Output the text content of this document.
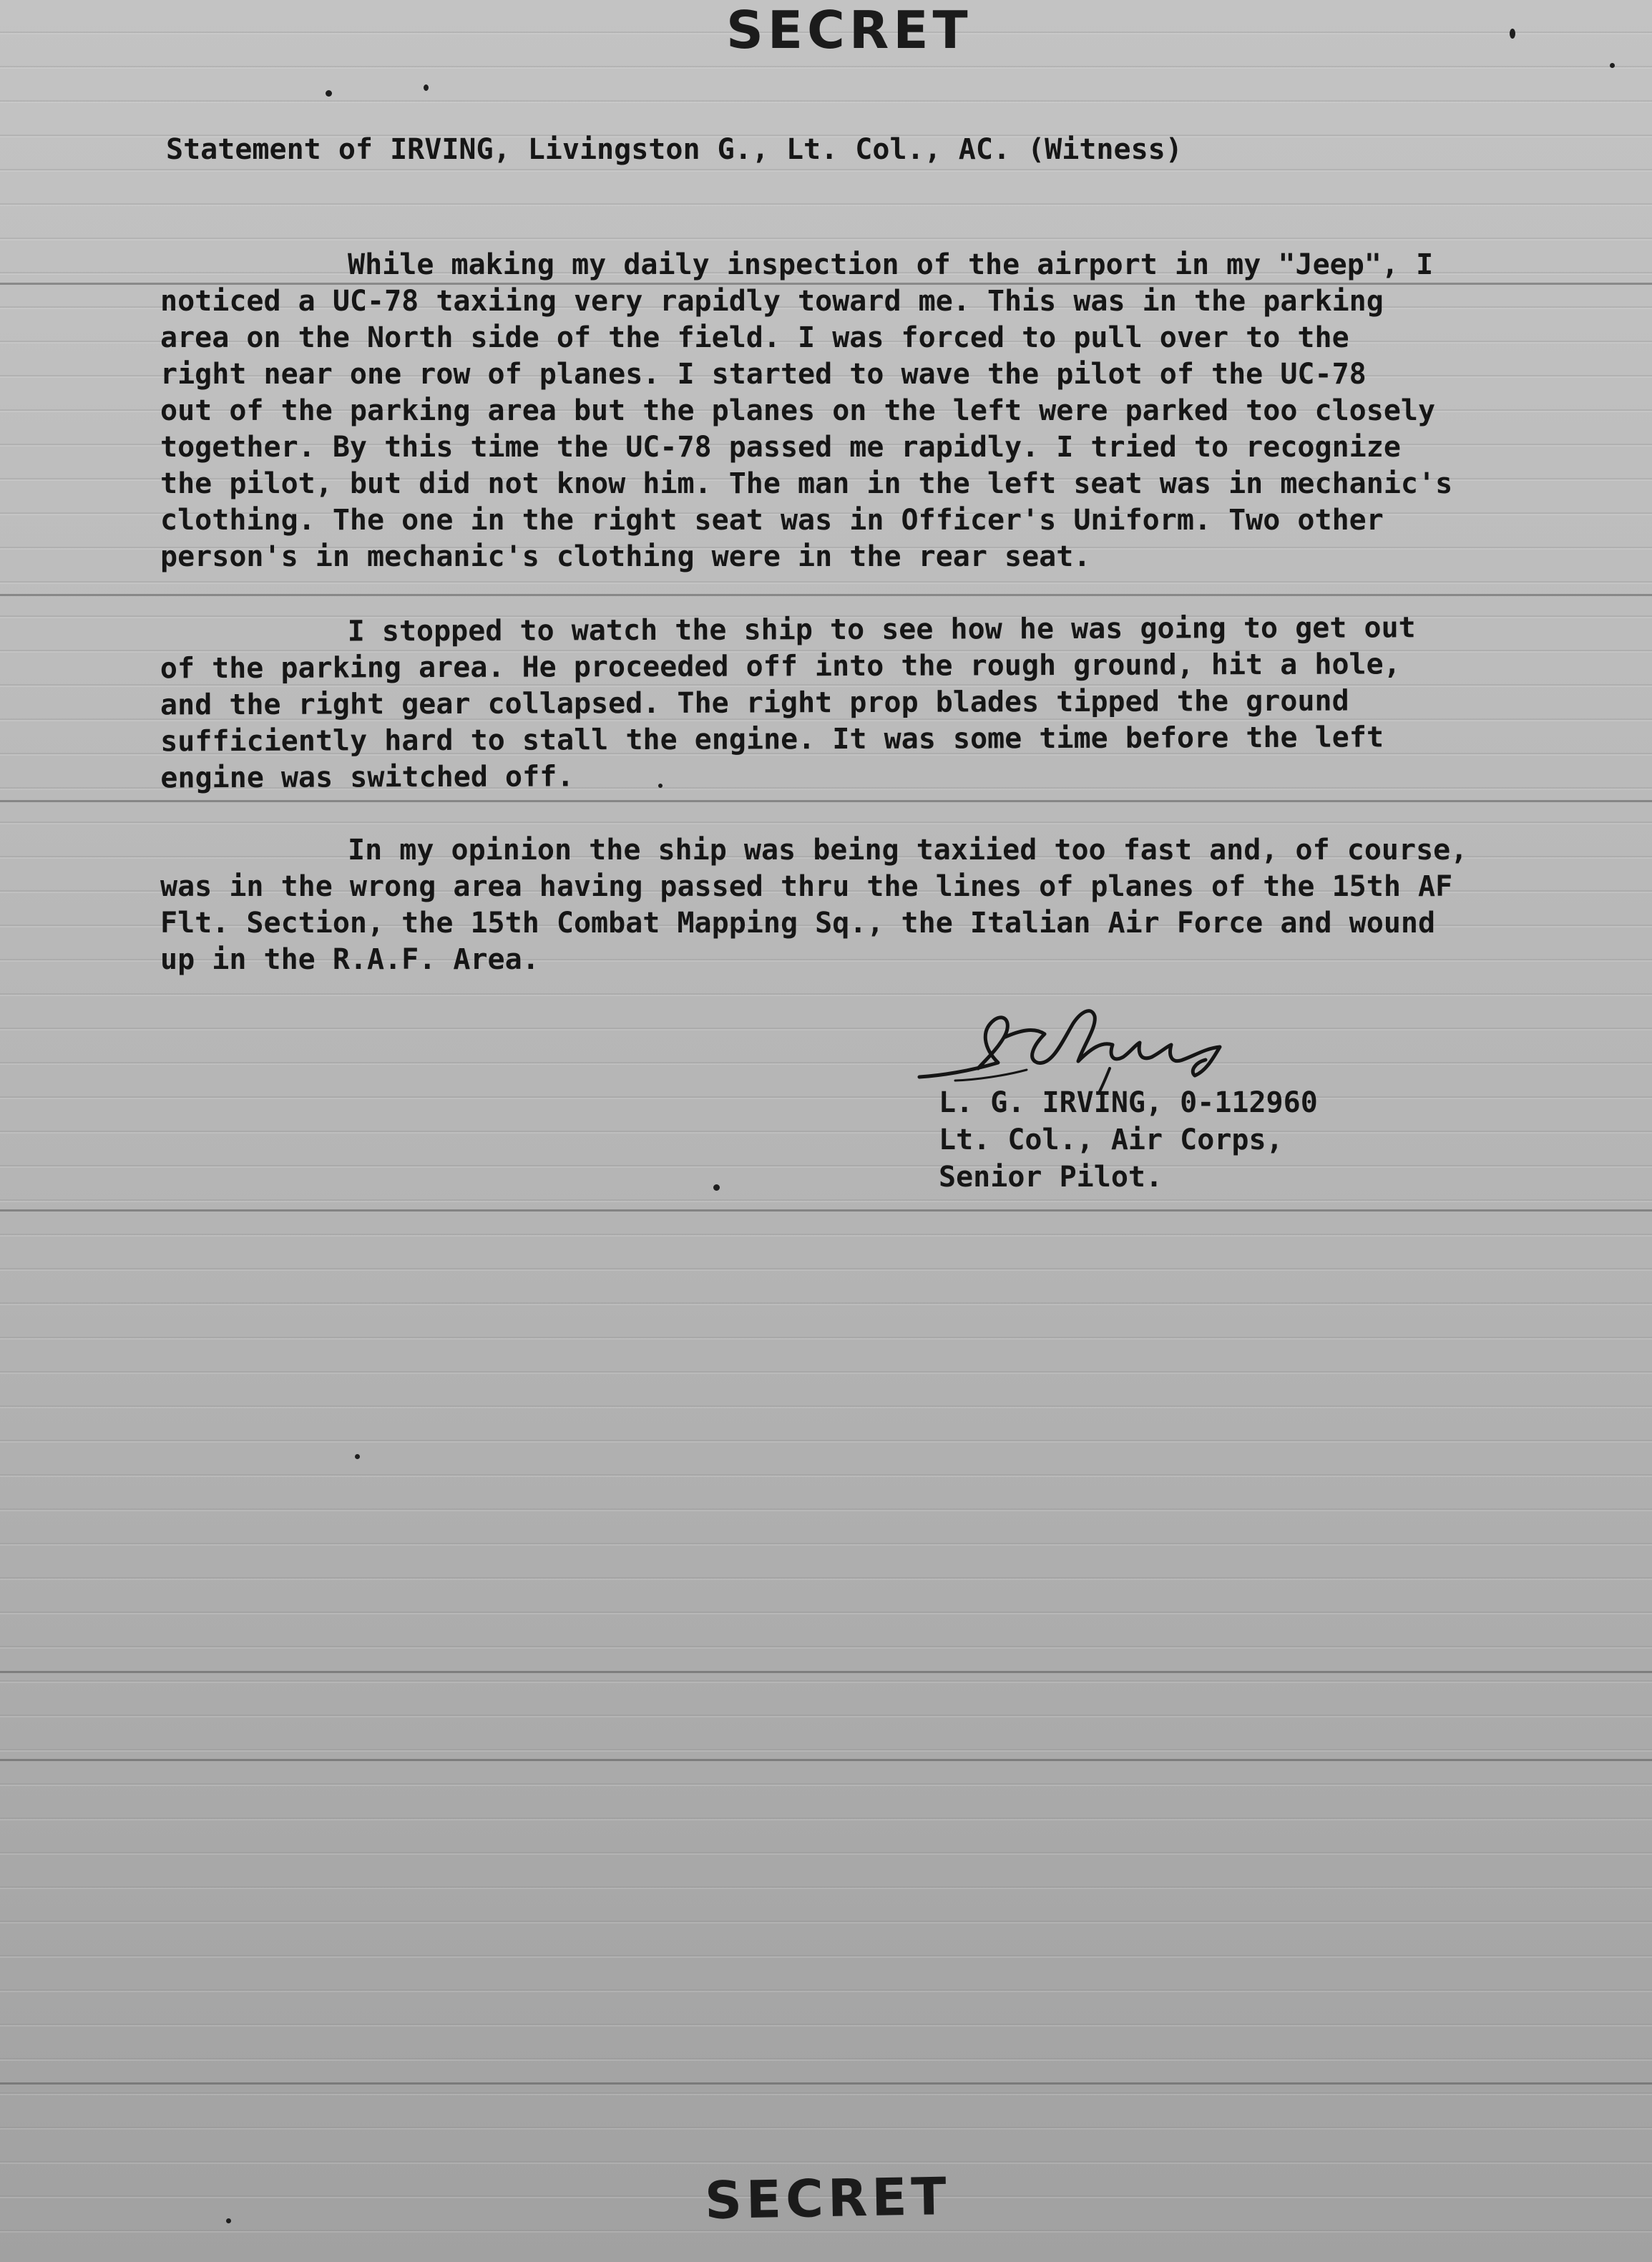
SECRET
Statement of IRVING, Livingston G., Lt. Col., AC. (Witness)
While making my daily inspection of the airport in my "Jeep", I
noticed a UC-78 taxiing very rapidly toward me. This was in the parking
area on the North side of the field. I was forced to pull over to the
right near one row of planes. I started to wave the pilot of the UC-78
out of the parking area but the planes on the left were parked too closely
together. By this time the UC-78 passed me rapidly. I tried to recognize
the pilot, but did not know him. The man in the left seat was in mechanic's
clothing. The one in the right seat was in Officer's Uniform. Two other
person's in mechanic's clothing were in the rear seat.
I stopped to watch the ship to see how he was going to get out
of the parking area. He proceeded off into the rough ground, hit a hole,
and the right gear collapsed. The right prop blades tipped the ground
sufficiently hard to stall the engine. It was some time before the left
engine was switched off.
In my opinion the ship was being taxiied too fast and, of course,
was in the wrong area having passed thru the lines of planes of the 15th AF
Flt. Section, the 15th Combat Mapping Sq., the Italian Air Force and wound
up in the R.A.F. Area.
L. G. IRVING, 0-112960
Lt. Col., Air Corps,
Senior Pilot.
SECRET
